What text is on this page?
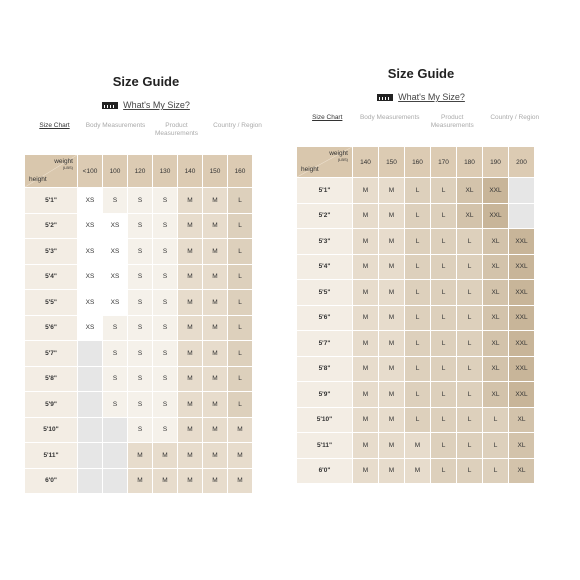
Size Guide
What's My Size?
Size Chart	Body Measurements	Product Measurements
Country / Region
weight
(LBS)
height	<100	100	120	130	140	150	160
5'1"	XS	S	S	S	M	M	L
5'2"	XS	XS	S	S	M	M	L
5'3"	XS	XS	S	S	M	M	L
5'4"	XS	XS	S	S	M	M	L
5'5"	XS	XS	S	S	M	M	L
5'6"	XS	S	S	S	M	M	L
5'7"		S	S	S	M	M	L
5'8"		S	S	S	M	M	L
5'9"		S	S	S	M	M	L
5'10"			S	S	M	M	M
5'11"			M	M	M	M	M
6'0"			M	M	M	M	M
Size Guide
What's My Size?
Size Chart	Body Measurements	Product Measurements
Country / Region
weight
(LBS)
height	140	150	160	170	180	190	200
5'1"	M	M	L	L	XL	XXL	
5'2"	M	M	L	L	XL	XXL	
5'3"	M	M	L	L	L	XL	XXL
5'4"	M	M	L	L	L	XL	XXL
5'5"	M	M	L	L	L	XL	XXL
5'6"	M	M	L	L	L	XL	XXL
5'7"	M	M	L	L	L	XL	XXL
5'8"	M	M	L	L	L	XL	XXL
5'9"	M	M	L	L	L	XL	XXL
5'10"	M	M	L	L	L	L	XL
5'11"	M	M	M	L	L	L	XL
6'0"	M	M	M	L	L	L	XL
